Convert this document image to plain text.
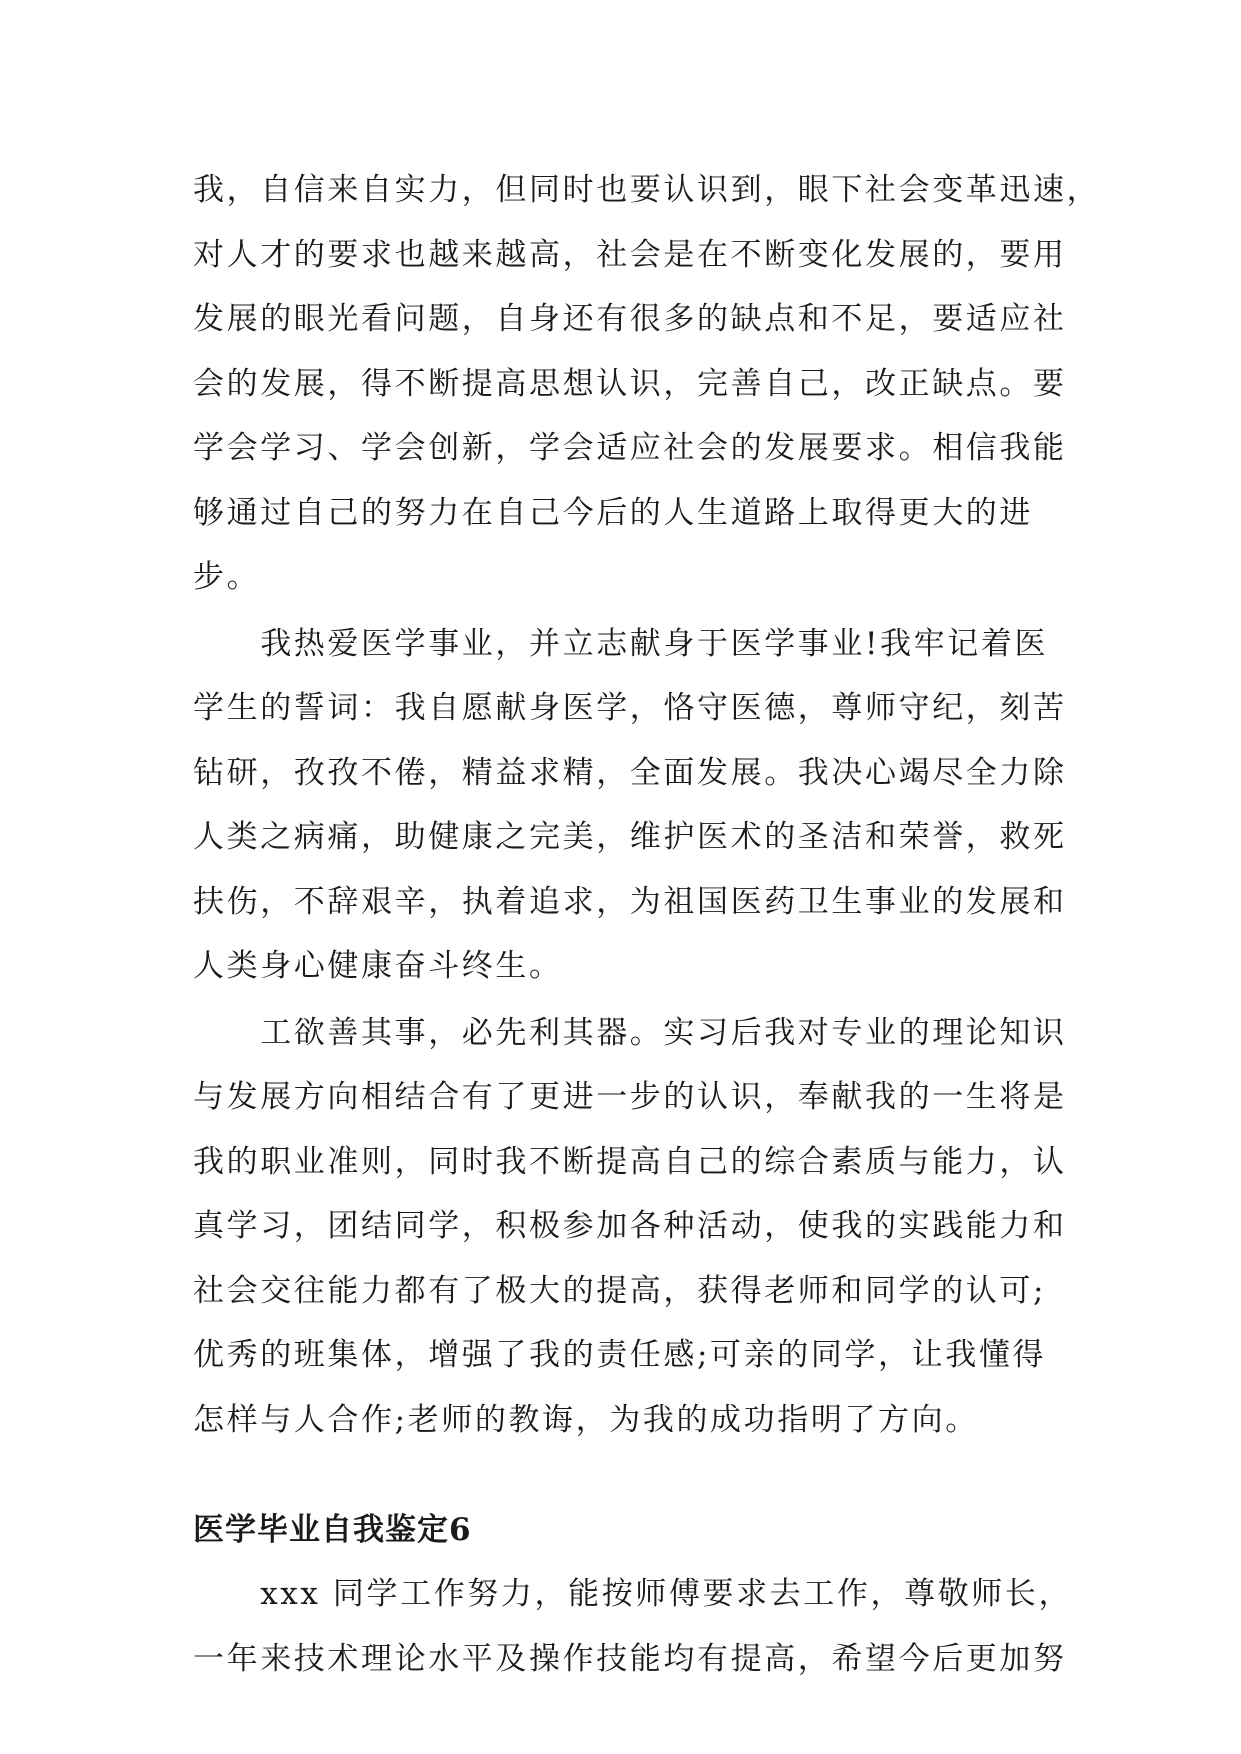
我，自信来自实力，但同时也要认识到，眼下社会变革迅速，
对人才的要求也越来越高，社会是在不断变化发展的，要用
发展的眼光看问题，自身还有很多的缺点和不足，要适应社
会的发展，得不断提高思想认识，完善自己，改正缺点。要
学会学习、学会创新，学会适应社会的发展要求。相信我能
够通过自己的努力在自己今后的人生道路上取得更大的进
步。

　　我热爱医学事业，并立志献身于医学事业!我牢记着医
学生的誓词：我自愿献身医学，恪守医德，尊师守纪，刻苦
钻研，孜孜不倦，精益求精，全面发展。我决心竭尽全力除
人类之病痛，助健康之完美，维护医术的圣洁和荣誉，救死
扶伤，不辞艰辛，执着追求，为祖国医药卫生事业的发展和
人类身心健康奋斗终生。

　　工欲善其事，必先利其器。实习后我对专业的理论知识
与发展方向相结合有了更进一步的认识，奉献我的一生将是
我的职业准则，同时我不断提高自己的综合素质与能力，认
真学习，团结同学，积极参加各种活动，使我的实践能力和
社会交往能力都有了极大的提高，获得老师和同学的认可;
优秀的班集体，增强了我的责任感;可亲的同学，让我懂得
怎样与人合作;老师的教诲，为我的成功指明了方向。

医学毕业自我鉴定6

　　xxx 同学工作努力，能按师傅要求去工作，尊敬师长，
一年来技术理论水平及操作技能均有提高，希望今后更加努
